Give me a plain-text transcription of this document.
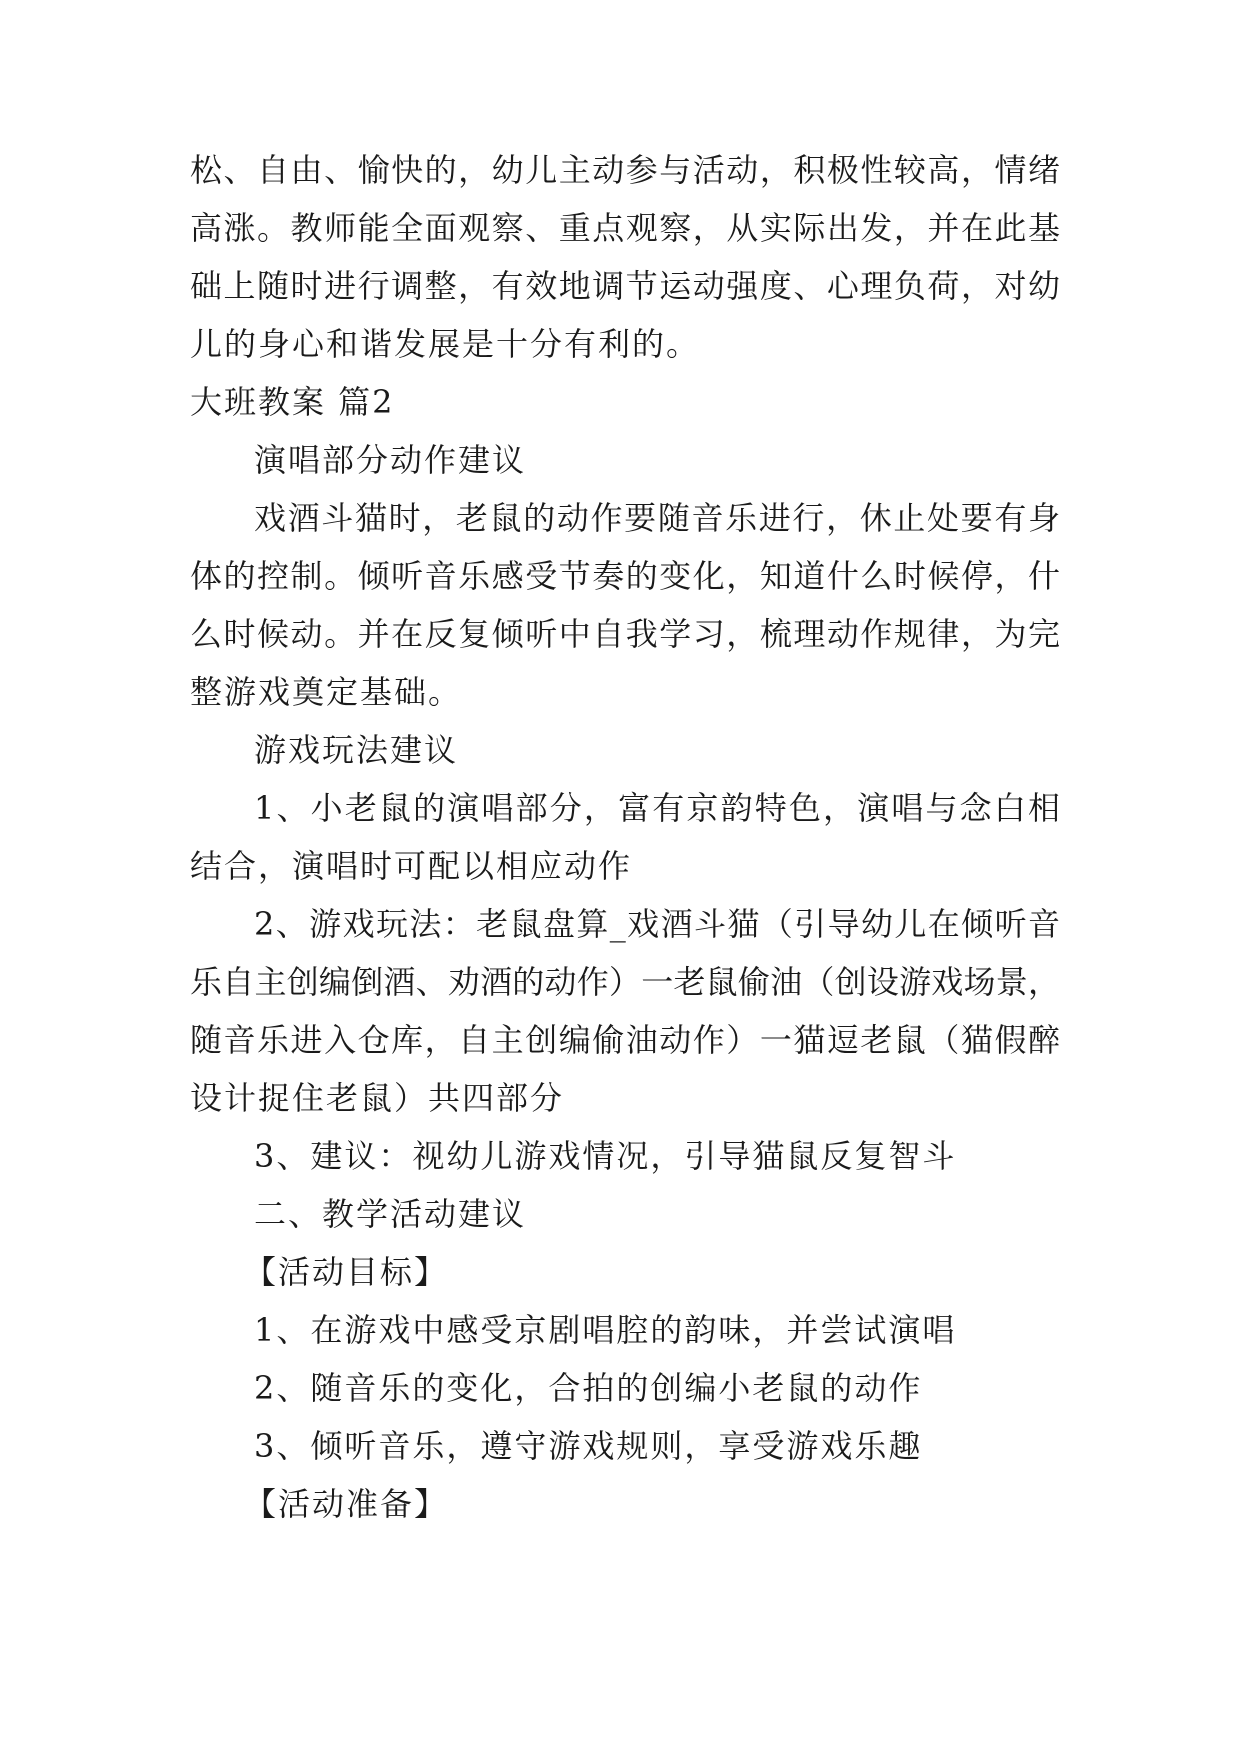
松、自由、愉快的，幼儿主动参与活动，积极性较高，情绪
高涨。教师能全面观察、重点观察，从实际出发，并在此基
础上随时进行调整，有效地调节运动强度、心理负荷，对幼
儿的身心和谐发展是十分有利的。
大班教案 篇2
演唱部分动作建议
戏酒斗猫时，老鼠的动作要随音乐进行，休止处要有身
体的控制。倾听音乐感受节奏的变化，知道什么时候停，什
么时候动。并在反复倾听中自我学习，梳理动作规律，为完
整游戏奠定基础。
游戏玩法建议
1、小老鼠的演唱部分，富有京韵特色，演唱与念白相
结合，演唱时可配以相应动作
2、游戏玩法：老鼠盘算_戏酒斗猫（引导幼儿在倾听音
乐自主创编倒酒、劝酒的动作）一老鼠偷油（创设游戏场景，
随音乐进入仓库，自主创编偷油动作）一猫逗老鼠（猫假醉
设计捉住老鼠）共四部分
3、建议：视幼儿游戏情况，引导猫鼠反复智斗
二、教学活动建议
【活动目标】
1、在游戏中感受京剧唱腔的韵味，并尝试演唱
2、随音乐的变化，合拍的创编小老鼠的动作
3、倾听音乐，遵守游戏规则，享受游戏乐趣
【活动准备】
